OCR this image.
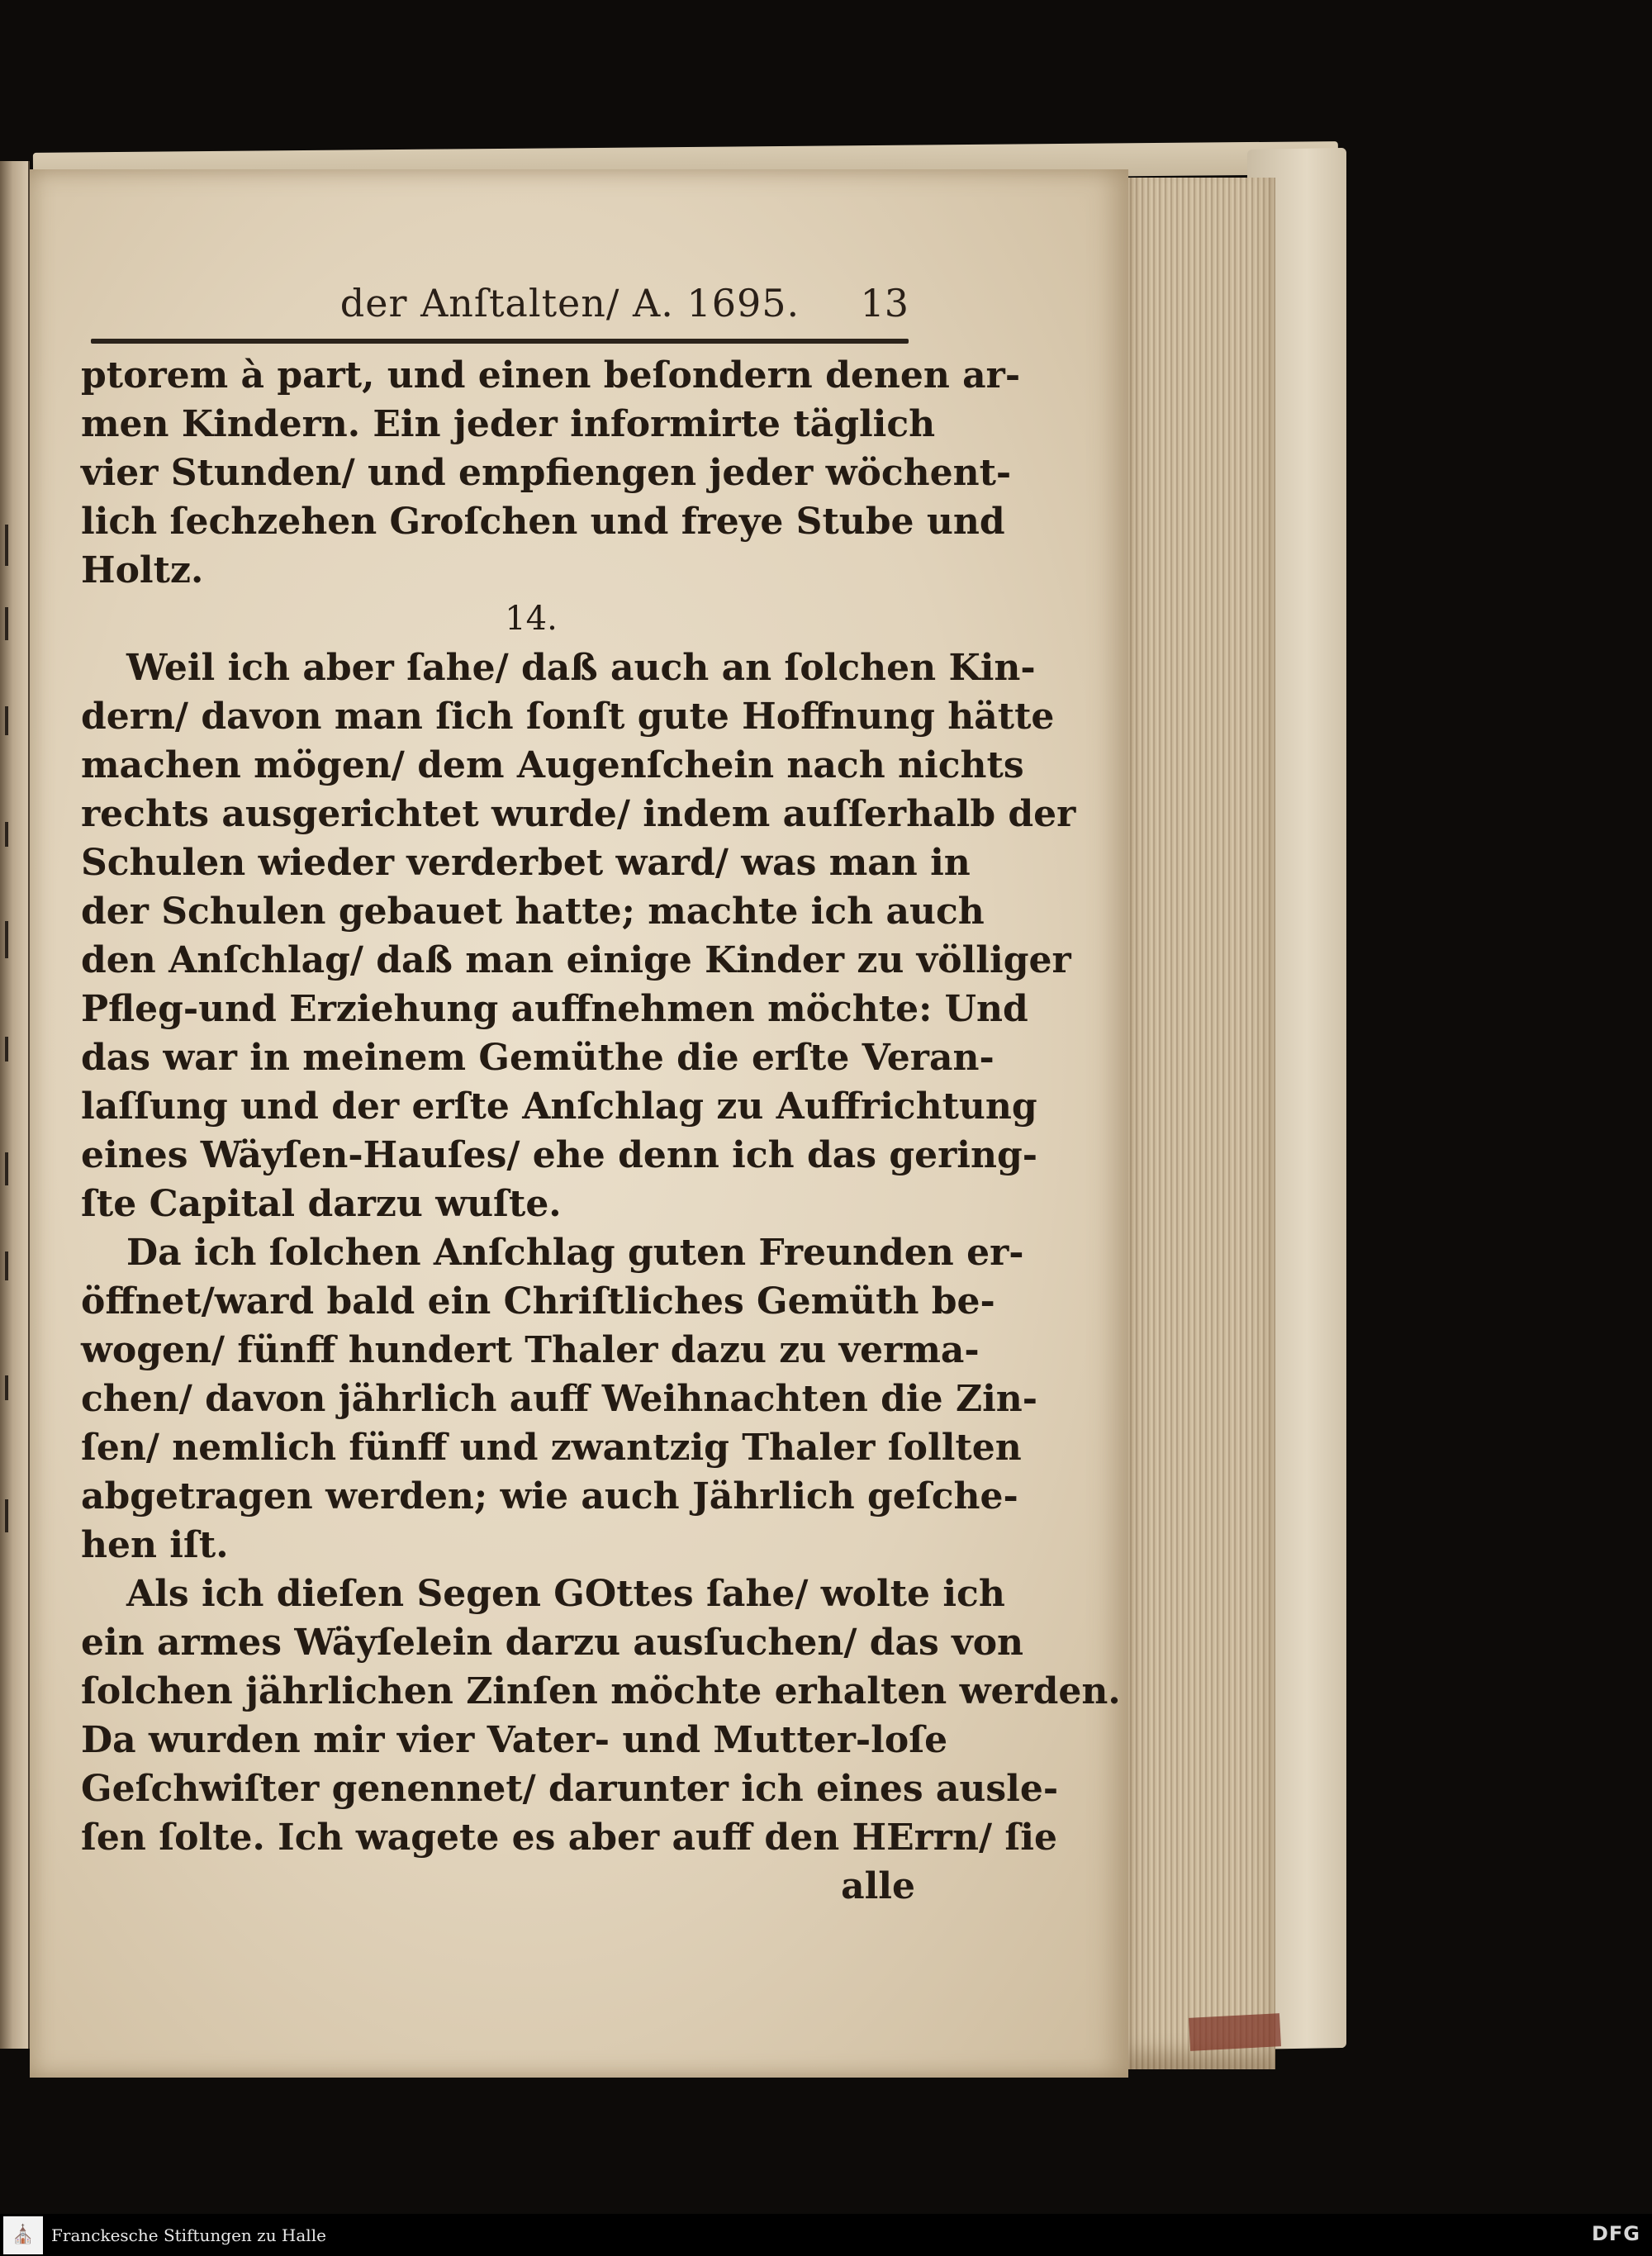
der Anſtalten/ A. 1695.	13
ptorem à part, und einen beſondern denen ar-
men Kindern. Ein jeder informirte täglich
vier Stunden/ und empfiengen jeder wöchent-
lich ſechzehen Groſchen und freye Stube und
Holtz.
14.
Weil ich aber ſahe/ daß auch an ſolchen Kin-
dern/ davon man ſich ſonſt gute Hoffnung hätte
machen mögen/ dem Augenſchein nach nichts
rechts ausgerichtet wurde/ indem auſſerhalb der
Schulen wieder verderbet ward/ was man in
der Schulen gebauet hatte; machte ich auch
den Anſchlag/ daß man einige Kinder zu völliger
Pfleg-und Erziehung auffnehmen möchte: Und
das war in meinem Gemüthe die erſte Veran-
laſſung und der erſte Anſchlag zu Auffrichtung
eines Wäyſen-Hauſes/ ehe denn ich das gering-
ſte Capital darzu wuſte.
Da ich ſolchen Anſchlag guten Freunden er-
öffnet/ward bald ein Chriſtliches Gemüth be-
wogen/ fünff hundert Thaler dazu zu verma-
chen/ davon jährlich auff Weihnachten die Zin-
ſen/ nemlich fünff und zwantzig Thaler ſollten
abgetragen werden; wie auch Jährlich geſche-
hen iſt.
Als ich dieſen Segen GOttes ſahe/ wolte ich
ein armes Wäyſelein darzu ausſuchen/ das von
ſolchen jährlichen Zinſen möchte erhalten werden.
Da wurden mir vier Vater- und Mutter-loſe
Geſchwiſter genennet/ darunter ich eines ausle-
ſen ſolte. Ich wagete es aber auff den HErrn/ ſie
alle
⛪ Franckesche Stiftungen zu Halle	DFG
